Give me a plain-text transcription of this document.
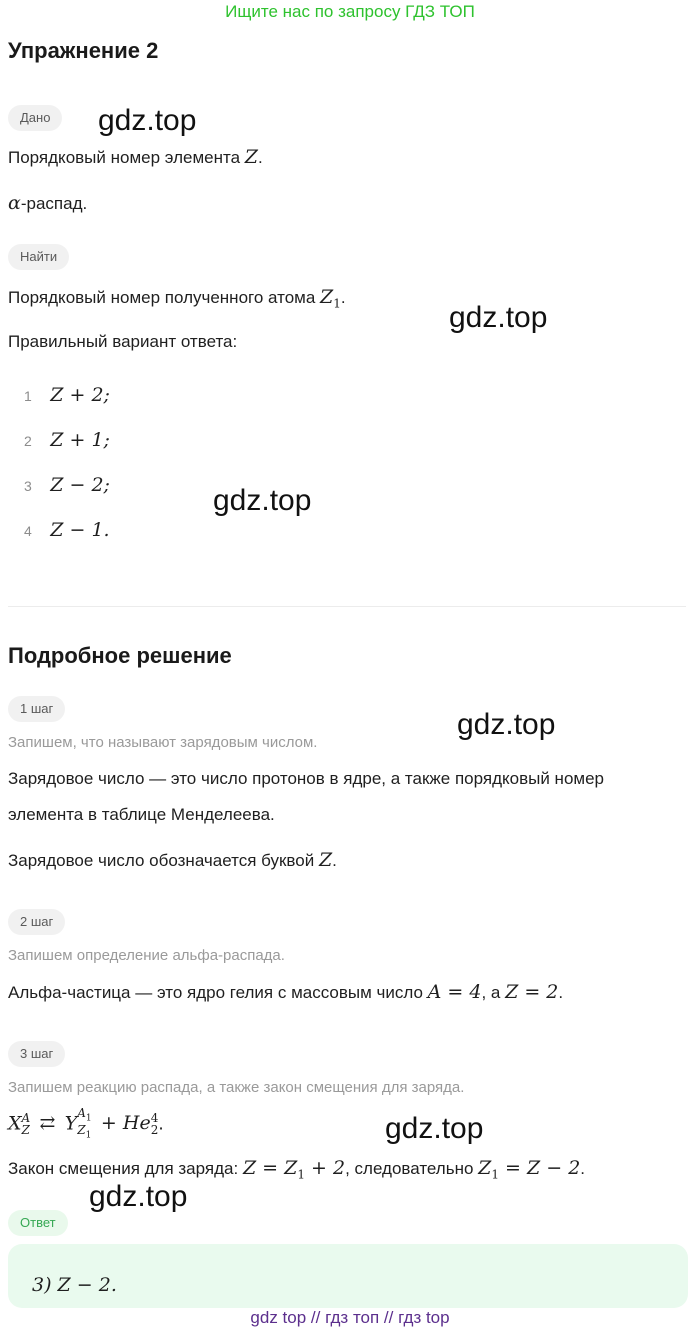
Ищите нас по запросу ГДЗ ТОП
Упражнение 2
Дано
Порядковый номер элемента Z.
α-распад.
Найти
Порядковый номер полученного атома $Z_1$.
Правильный вариант ответа:
1 Z + 2;
2 Z + 1;
3 Z − 2;
4 Z − 1.
Подробное решение
1 шаг
Запишем, что называют зарядовым числом.
Зарядовое число — это число протонов в ядре, а также порядковый номер
элемента в таблице Менделеева.
Зарядовое число обозначается буквой Z.
2 шаг
Запишем определение альфа-распада.
Альфа-частица — это ядро гелия с массовым число A = 4, а Z = 2.
3 шаг
Запишем реакцию распада, а также закон смещения для заряда.
XA
Z ⇄ $YA_1$
$Z_1 + He4$
2.
Закон смещения для заряда: $Z = Z_1 + 2$, следовательно $Z_1 = Z - 2$.
Ответ
3) Z − 2.
gdz.top
gdz.top
gdz.top
gdz.top
gdz.top
gdz.top
gdz top // гдз топ // гдз top
